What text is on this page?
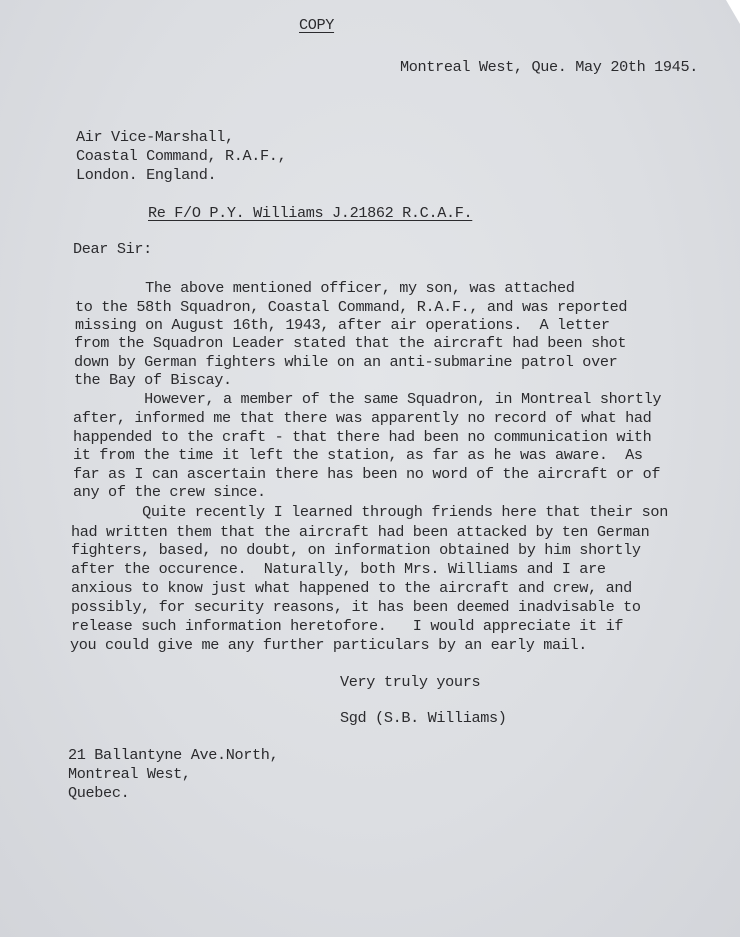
COPY
Montreal West, Que. May 20th 1945.
Air Vice-Marshall,
Coastal Command, R.A.F.,
London. England.
Re F/O P.Y. Williams J.21862 R.C.A.F.
Dear Sir:
The above mentioned officer, my son, was attached
to the 58th Squadron, Coastal Command, R.A.F., and was reported
missing on August 16th, 1943, after air operations.  A letter
from the Squadron Leader stated that the aircraft had been shot
down by German fighters while on an anti-submarine patrol over
the Bay of Biscay.
However, a member of the same Squadron, in Montreal shortly
after, informed me that there was apparently no record of what had
happended to the craft - that there had been no communication with
it from the time it left the station, as far as he was aware.  As
far as I can ascertain there has been no word of the aircraft or of
any of the crew since.
Quite recently I learned through friends here that their son
had written them that the aircraft had been attacked by ten German
fighters, based, no doubt, on information obtained by him shortly
after the occurence.  Naturally, both Mrs. Williams and I are
anxious to know just what happened to the aircraft and crew, and
possibly, for security reasons, it has been deemed inadvisable to
release such information heretofore.   I would appreciate it if
you could give me any further particulars by an early mail.
Very truly yours
Sgd (S.B. Williams)
21 Ballantyne Ave.North,
Montreal West,
Quebec.
